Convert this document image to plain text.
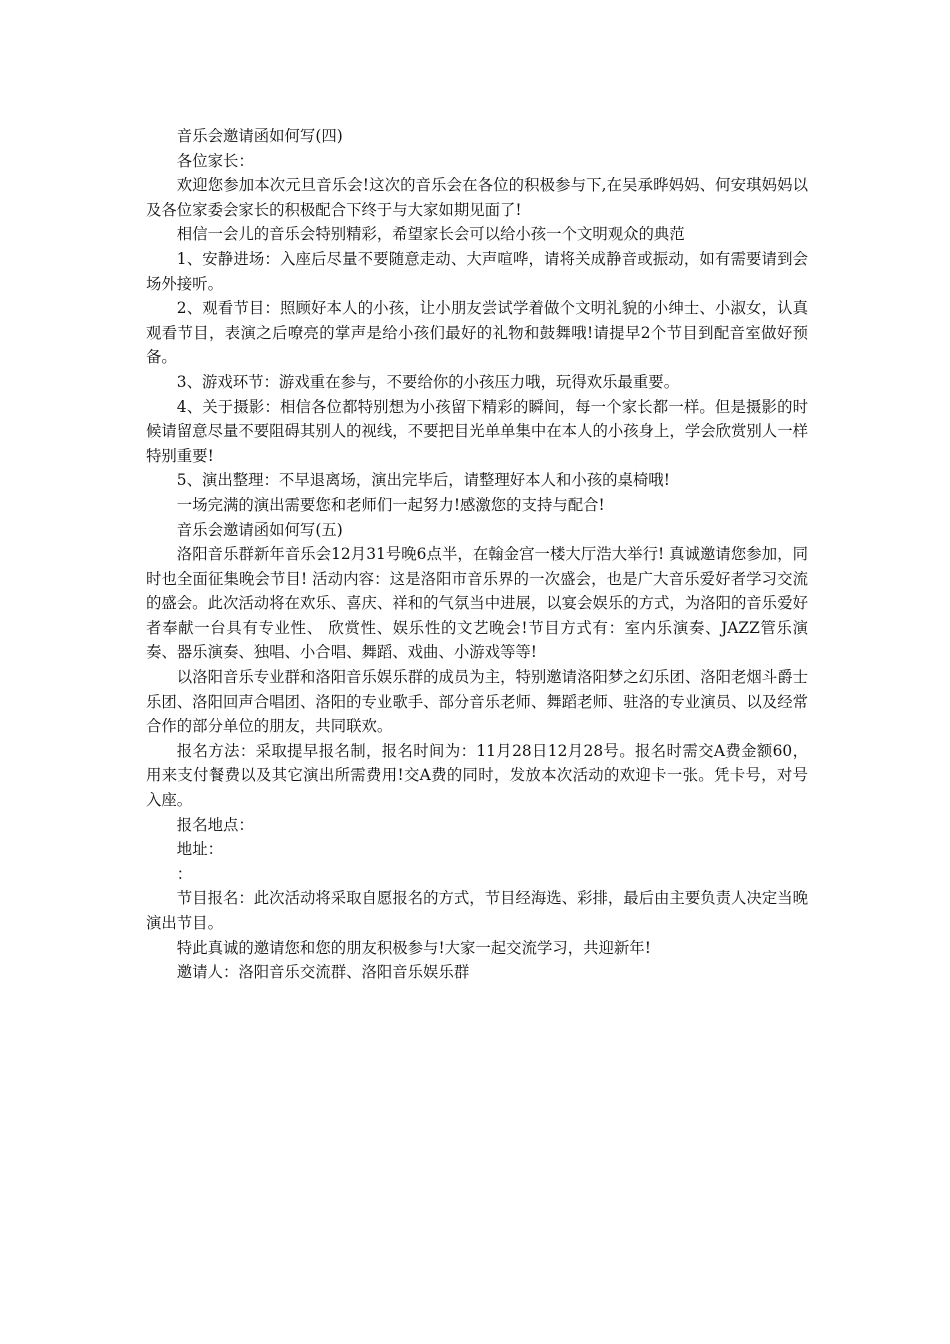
音乐会邀请函如何写(四)

各位家长：

欢迎您参加本次元旦音乐会!这次的音乐会在各位的积极参与下,在吴承晔妈妈、何安琪妈妈以及各位家委会家长的积极配合下终于与大家如期见面了!

相信一会儿的音乐会特别精彩，希望家长会可以给小孩一个文明观众的典范

1、安静进场：入座后尽量不要随意走动、大声喧哗，请将关成静音或振动，如有需要请到会场外接听。

2、观看节目：照顾好本人的小孩，让小朋友尝试学着做个文明礼貌的小绅士、小淑女，认真观看节目，表演之后嘹亮的掌声是给小孩们最好的礼物和鼓舞哦!请提早2个节目到配音室做好预备。

3、游戏环节：游戏重在参与，不要给你的小孩压力哦，玩得欢乐最重要。

4、关于摄影：相信各位都特别想为小孩留下精彩的瞬间，每一个家长都一样。但是摄影的时候请留意尽量不要阻碍其别人的视线，不要把目光单单集中在本人的小孩身上，学会欣赏别人一样特别重要!

5、演出整理：不早退离场，演出完毕后，请整理好本人和小孩的桌椅哦!

一场完满的演出需要您和老师们一起努力!感激您的支持与配合!

音乐会邀请函如何写(五)

洛阳音乐群新年音乐会12月31号晚6点半，在翰金宫一楼大厅浩大举行! 真诚邀请您参加，同时也全面征集晚会节目! 活动内容：这是洛阳市音乐界的一次盛会，也是广大音乐爱好者学习交流的盛会。此次活动将在欢乐、喜庆、祥和的气氛当中进展，以宴会娱乐的方式，为洛阳的音乐爱好者奉献一台具有专业性、 欣赏性、娱乐性的文艺晚会!节目方式有：室内乐演奏、JAZZ管乐演奏、器乐演奏、独唱、小合唱、舞蹈、戏曲、小游戏等等!

以洛阳音乐专业群和洛阳音乐娱乐群的成员为主，特别邀请洛阳梦之幻乐团、洛阳老烟斗爵士乐团、洛阳回声合唱团、洛阳的专业歌手、部分音乐老师、舞蹈老师、驻洛的专业演员、以及经常合作的部分单位的朋友，共同联欢。

报名方法：采取提早报名制，报名时间为：11月28日12月28号。报名时需交A费金额60，用来支付餐费以及其它演出所需费用!交A费的同时，发放本次活动的欢迎卡一张。凭卡号，对号入座。

报名地点：

地址：

：

节目报名：此次活动将采取自愿报名的方式，节目经海选、彩排，最后由主要负责人决定当晚演出节目。

特此真诚的邀请您和您的朋友积极参与!大家一起交流学习，共迎新年!

邀请人：洛阳音乐交流群、洛阳音乐娱乐群
